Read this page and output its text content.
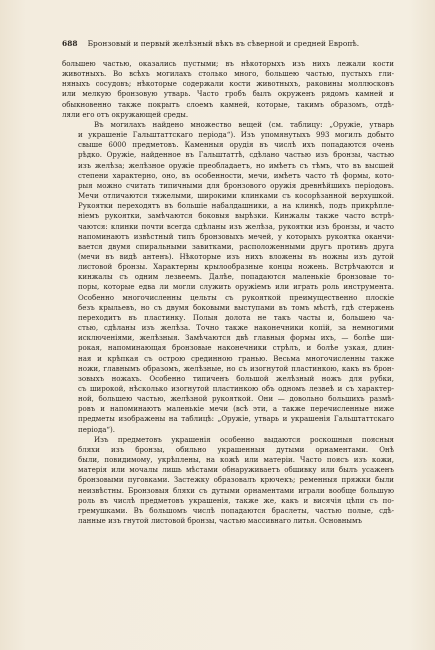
688 Бронзовый и первый желѣзный вѣкъ въ сѣверной и средней Европѣ.

большею частью, оказались пустыми; въ нѣкоторыхъ изъ нихъ лежали костиживотныхъ. Во всѣхъ могилахъ столько много, большею частью, пустыхъ гли-няныхъ сосудовъ; нѣкоторые содержали кости животныхъ, раковины моллюсковъили мелкую бронзовую утварь. Часто гробъ былъ окруженъ рядомъ камней иобыкновенно также покрытъ слоемъ камней, которые, такимъ образомъ, отдѣ-ляли его отъ окружающей среды.

Въ могилахъ найдено множество вещей (см. таблицу: „Оружіе, утварьи украшеніе Гальштаттскаго періода“). Изъ упомянутыхъ 993 могилъ добытосвыше 6000 предметовъ. Каменныя орудія въ числѣ ихъ попадаются оченьрѣдко. Оружіе, найденное въ Гальштаттѣ, сдѣлано частью изъ бронзы, частьюизъ желѣза; желѣзное оружіе преобладаетъ, но имѣетъ съ тѣмъ, что въ высшейстепени характерно, оно, въ особенности, мечи, имѣетъ часто тѣ формы, кото-рыя можно считать типичными для бронзового оружія древнѣйшихъ періодовъ.Мечи отличаются тяжелыми, широкими клинками съ косорѣзанной верхушкой.Рукоятки переходятъ въ большіе набалдашники, а на клинкѣ, подъ прикрѣпле-ніемъ рукоятки, замѣчаются боковыя вырѣзки. Кинжалы также часто встрѣ-чаются: клинки почти всегда сдѣланы изъ желѣза, рукоятки изъ бронзы, и частонапоминаютъ извѣстный типъ бронзовыхъ мечей, у которыхъ рукоятка оканчи-вается двумя спиральными завитками, расположенными другъ противъ друга(мечи въ видѣ антенъ). Нѣкоторые изъ нихъ вложены въ ножны изъ дутойлистовой бронзы. Характерны крылообразные концы ножень. Встрѣчаются икинжалы съ одним лезвеемъ. Далѣе, попадаются маленькіе бронзовые то-поры, которые едва ли могли служить оружіемъ или играть роль инструмента.Особенно многочисленны цельты съ рукояткой преимущественно плоскіебезъ крыльевъ, но съ двумя боковыми выступами въ томъ мѣстѣ, гдѣ стерженьпереходитъ въ пластинку. Полыя долота не такъ часты и, большею ча-стью, сдѣланы изъ желѣза. Точно также наконечники копій, за немногимиисключеніями, желѣзныя. Замѣчаются двѣ главныя формы ихъ, — болѣе ши-рокая, напоминающая бронзовые наконечники стрѣлъ, и болѣе узкая, длин-ная и крѣпкая съ острою срединною гранью. Весьма многочисленны такженожи, главнымъ образомъ, желѣзные, но съ изогнутой пластинкою, какъ въ брон-зовыхъ ножахъ. Особенно типиченъ большой желѣзный ножъ для рубки,съ широкой, нѣсколько изогнутой пластинкою объ одномъ лезвеѣ и съ характер-ной, большею частью, желѣзной рукояткой. Они — довольно большихъ размѣ-ровъ и напоминаютъ маленькіе мечи (всѣ эти, а также перечисленные нижепредметы изображены на таблицѣ: „Оружіе, утварь и украшенія Гальштаттскагоперіода“).

Изъ предметовъ украшенія особенно выдаются роскошныя поясныябляхи изъ бронзы, обильно украшенныя дутыми орнаментами. Онѣбыли, повидимому, укрѣплены, на кожѣ или матеріи. Часто поясъ изъ кожи,матерія или мочалы лишь мѣстами обнаруживаетъ обшивку или былъ усаженъбронзовыми пуговками. Застежку образовалъ крючекъ; ременныя пряжки былинеизвѣстны. Бронзовыя бляхи съ дутыми орнаментами играли вообще большуюроль въ числѣ предметовъ украшенія, также же, какъ и висячія цѣпи съ по-гремушками. Въ большомъ числѣ попадаются браслеты, частью полые, сдѣ-ланные изъ гнутой листовой бронзы, частью массивнаго литья. Основнымъ
